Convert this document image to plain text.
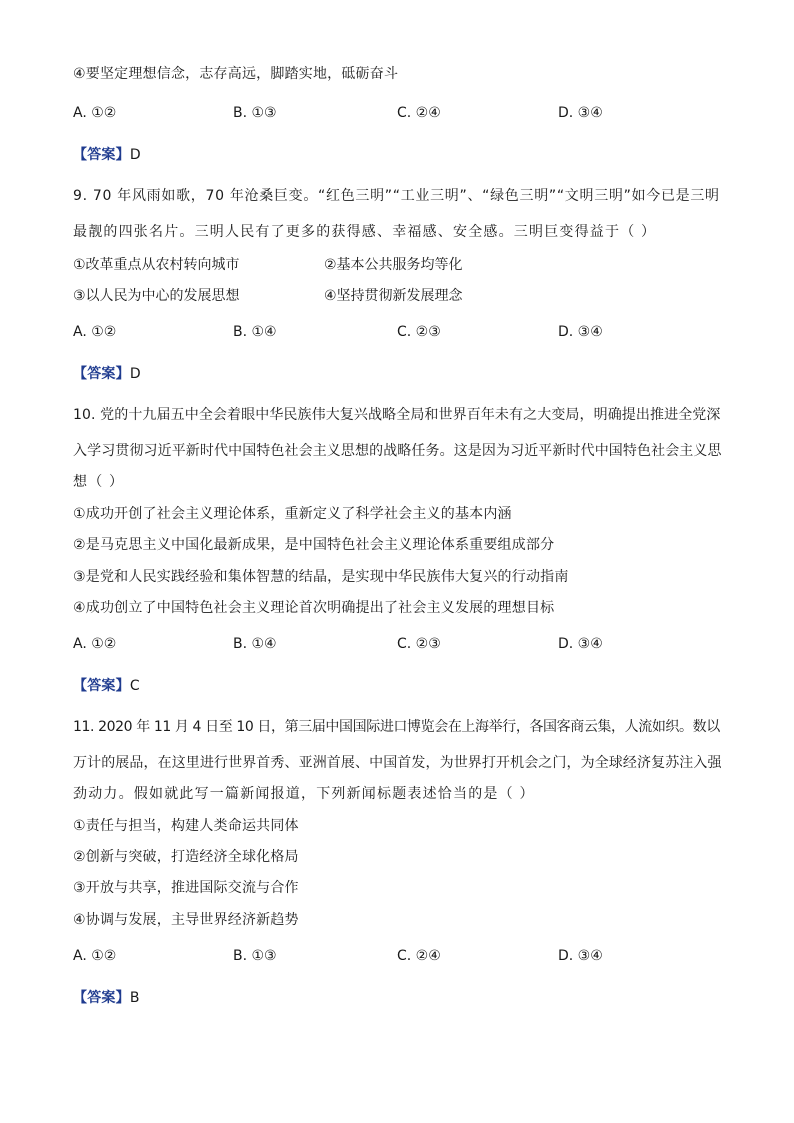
④要坚定理想信念，志存高远，脚踏实地，砥砺奋斗
A. ①②	B. ①③	C. ②④	D. ③④
【答案】D
9. 70 年风雨如歌，70 年沧桑巨变。“红色三明”“工业三明”、“绿色三明”“文明三明”如今已是三明
最靓的四张名片。三明人民有了更多的获得感、幸福感、安全感。三明巨变得益于（ ）
①改革重点从农村转向城市	②基本公共服务均等化
③以人民为中心的发展思想	④坚持贯彻新发展理念
A. ①②	B. ①④	C. ②③	D. ③④
【答案】D
10. 党的十九届五中全会着眼中华民族伟大复兴战略全局和世界百年未有之大变局，明确提出推进全党深
入学习贯彻习近平新时代中国特色社会主义思想的战略任务。这是因为习近平新时代中国特色社会主义思
想（ ）
①成功开创了社会主义理论体系，重新定义了科学社会主义的基本内涵
②是马克思主义中国化最新成果，是中国特色社会主义理论体系重要组成部分
③是党和人民实践经验和集体智慧的结晶，是实现中华民族伟大复兴的行动指南
④成功创立了中国特色社会主义理论首次明确提出了社会主义发展的理想目标
A. ①②	B. ①④	C. ②③	D. ③④
【答案】C
11. 2020 年 11 月 4 日至 10 日，第三届中国国际进口博览会在上海举行，各国客商云集，人流如织。数以
万计的展品，在这里进行世界首秀、亚洲首展、中国首发，为世界打开机会之门，为全球经济复苏注入强
劲动力。假如就此写一篇新闻报道，下列新闻标题表述恰当的是（ ）
①责任与担当，构建人类命运共同体
②创新与突破，打造经济全球化格局
③开放与共享，推进国际交流与合作
④协调与发展，主导世界经济新趋势
A. ①②	B. ①③	C. ②④	D. ③④
【答案】B
